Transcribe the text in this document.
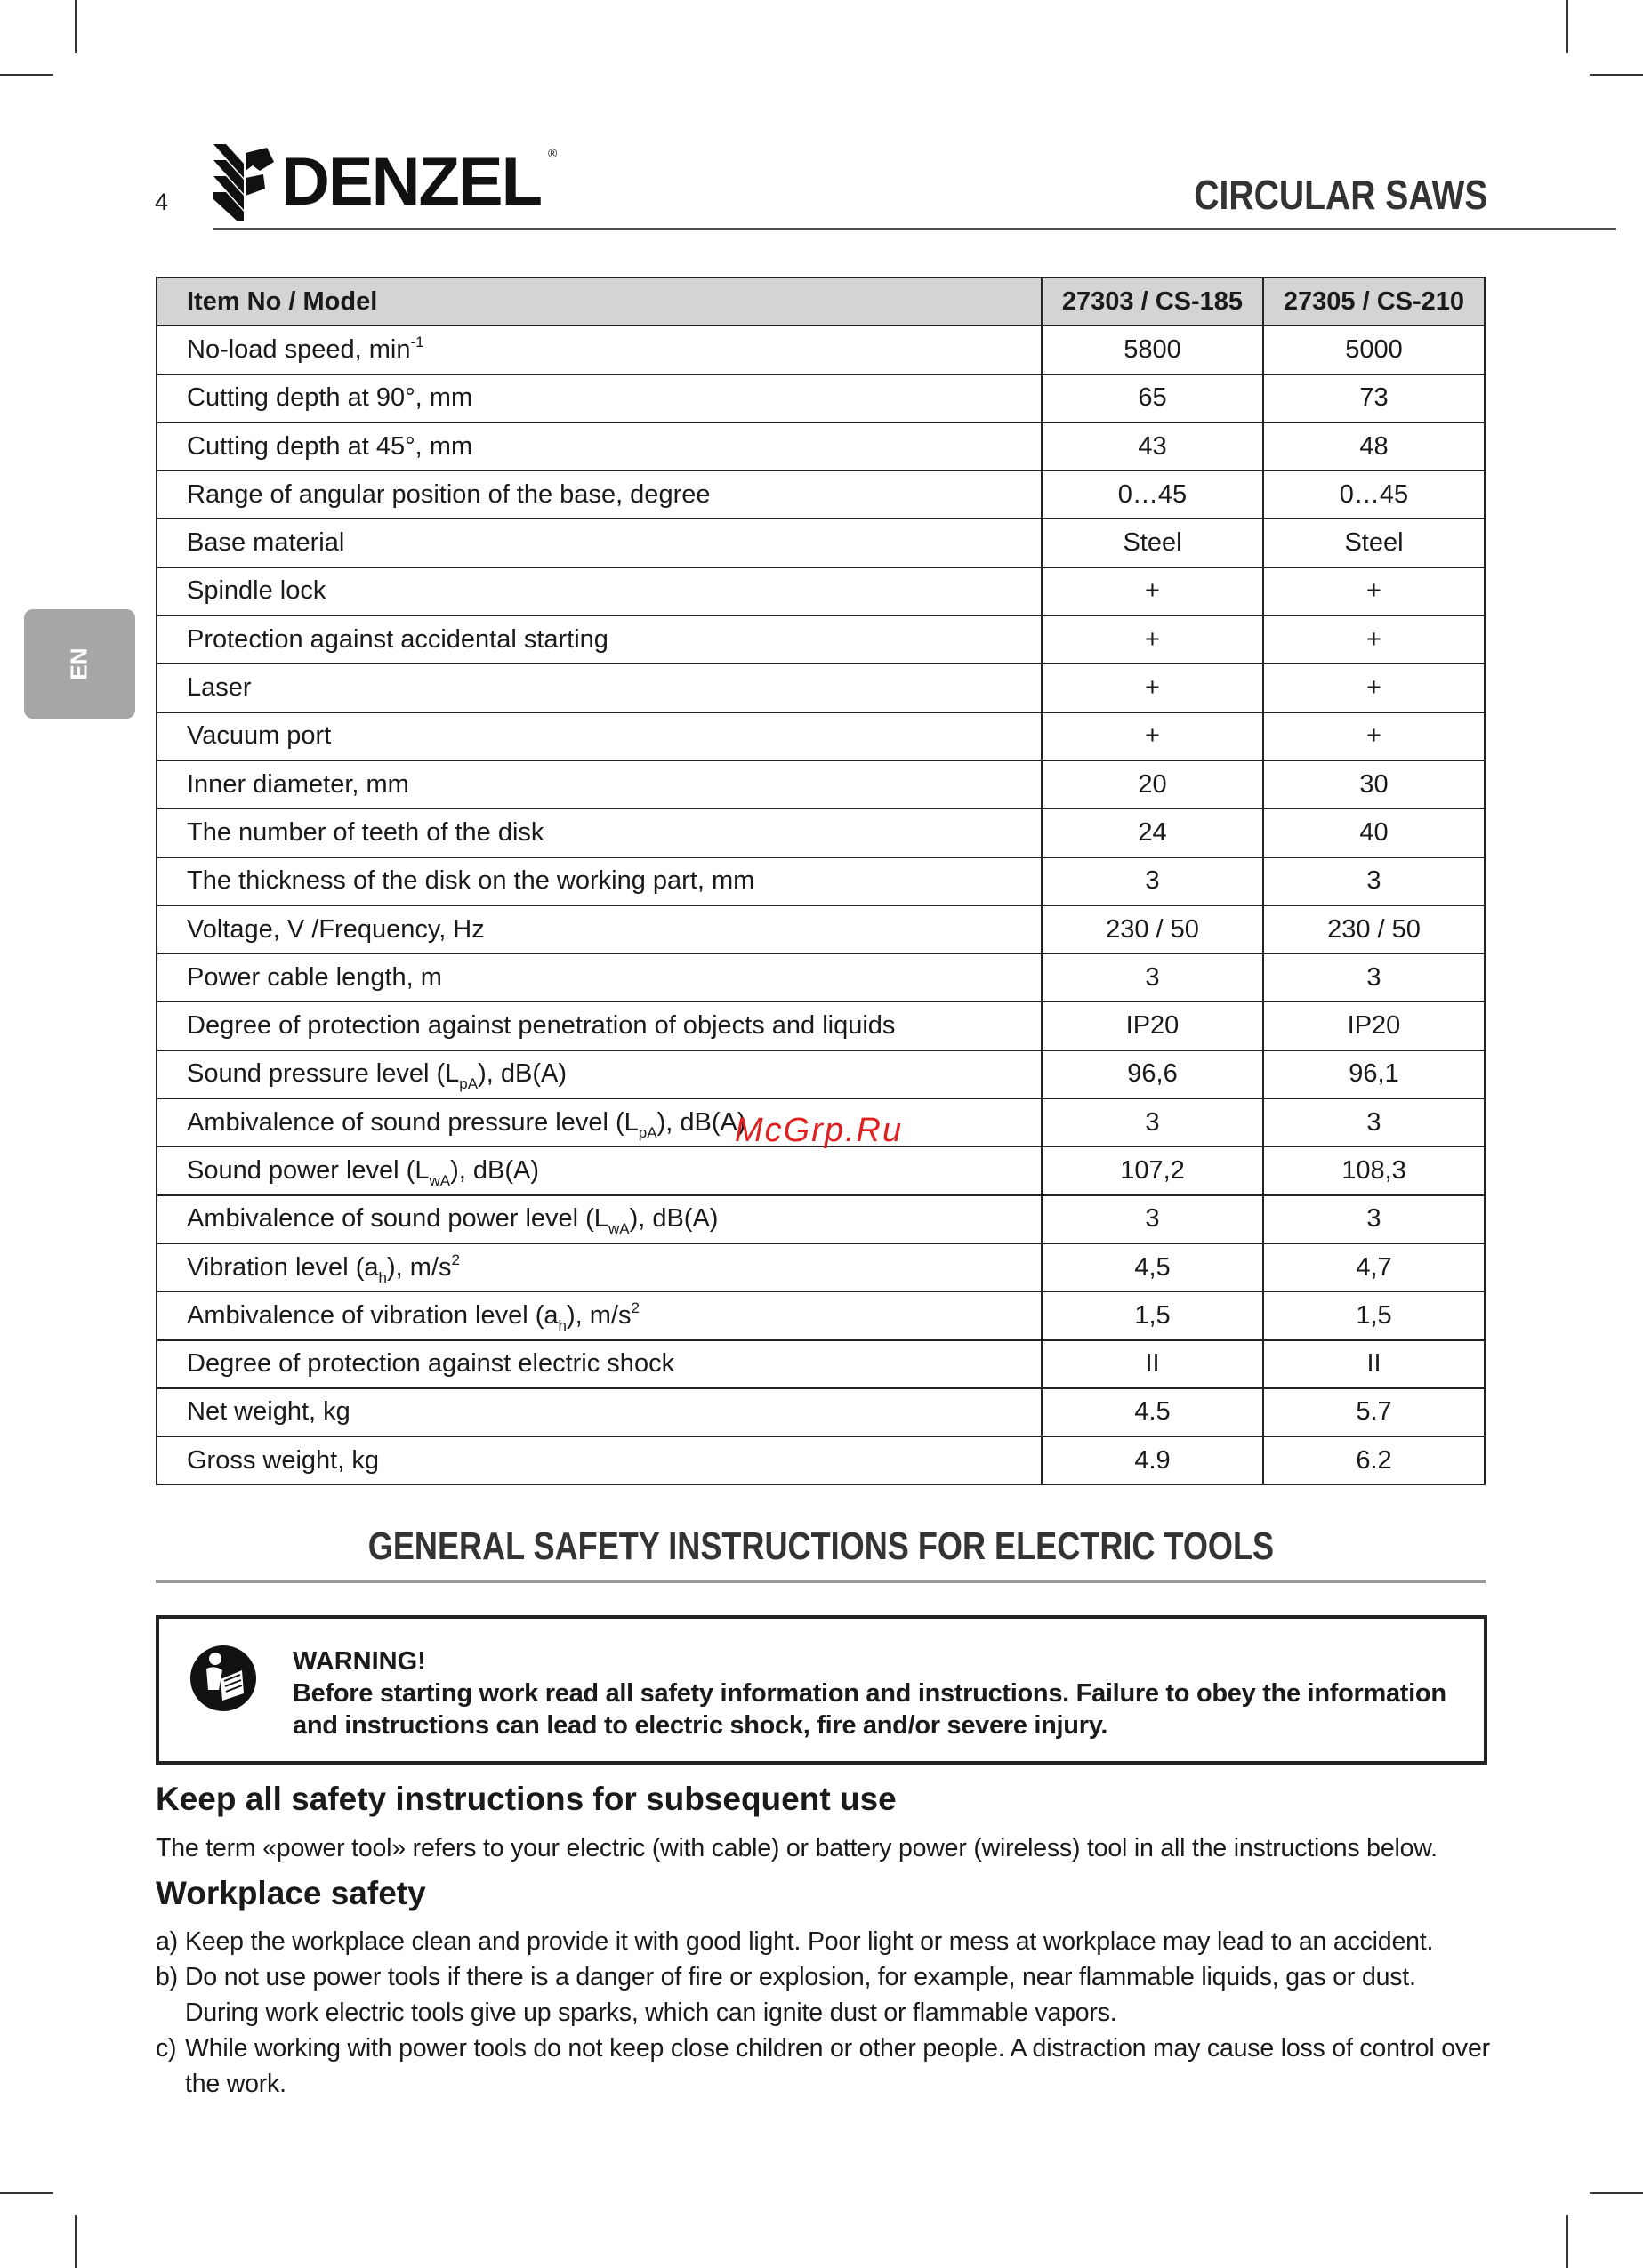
4 DENZEL ®
CIRCULAR SAWS
EN
Item No / Model	27303 / CS-185	27305 / CS-210
No-load speed, $\min^{-1}$	5800	5000
Cutting depth at 90°, mm	65	73
Cutting depth at 45°, mm	43	48
Range of angular position of the base, degree	0…45	0…45
Base material	Steel	Steel
Spindle lock	+	+
Protection against accidental starting	+	+
Laser	+	+
Vacuum port	+	+
Inner diameter, mm	20	30
The number of teeth of the disk	24	40
The thickness of the disk on the working part, mm	3	3
Voltage, V /Frequency, Hz	230 / 50	230 / 50
Power cable length, m	3	3
Degree of protection against penetration of objects and liquids	IP20	IP20
Sound pressure level $(L_{pA})$, dB(A)	96,6	96,1
Ambivalence of sound pressure level $(L_{pA})$, dB(A)	3	3
Sound power level $(L_{wA})$, dB(A)	107,2	108,3
Ambivalence of sound power level $(L_{wA})$, dB(A)	3	3
Vibration level $(a_h)$, $m/s^2$	4,5	4,7
Ambivalence of vibration level $(a_h)$, $m/s^2$	1,5	1,5
Degree of protection against electric shock	II	II
Net weight, kg	4.5	5.7
Gross weight, kg	4.9	6.2
McGrp.Ru
GENERAL SAFETY INSTRUCTIONS FOR ELECTRIC TOOLS
WARNING!
Before starting work read all safety information and instructions. Failure to obey the information and instructions can lead to electric shock, fire and/or severe injury.
Keep all safety instructions for subsequent use
The term «power tool» refers to your electric (with cable) or battery power (wireless) tool in all the instructions below.
Workplace safety
a) Keep the workplace clean and provide it with good light. Poor light or mess at workplace may lead to an accident.
b) Do not use power tools if there is a danger of fire or explosion, for example, near flammable liquids, gas or dust. During work electric tools give up sparks, which can ignite dust or flammable vapors.
c) While working with power tools do not keep close children or other people. A distraction may cause loss of control over the work.
